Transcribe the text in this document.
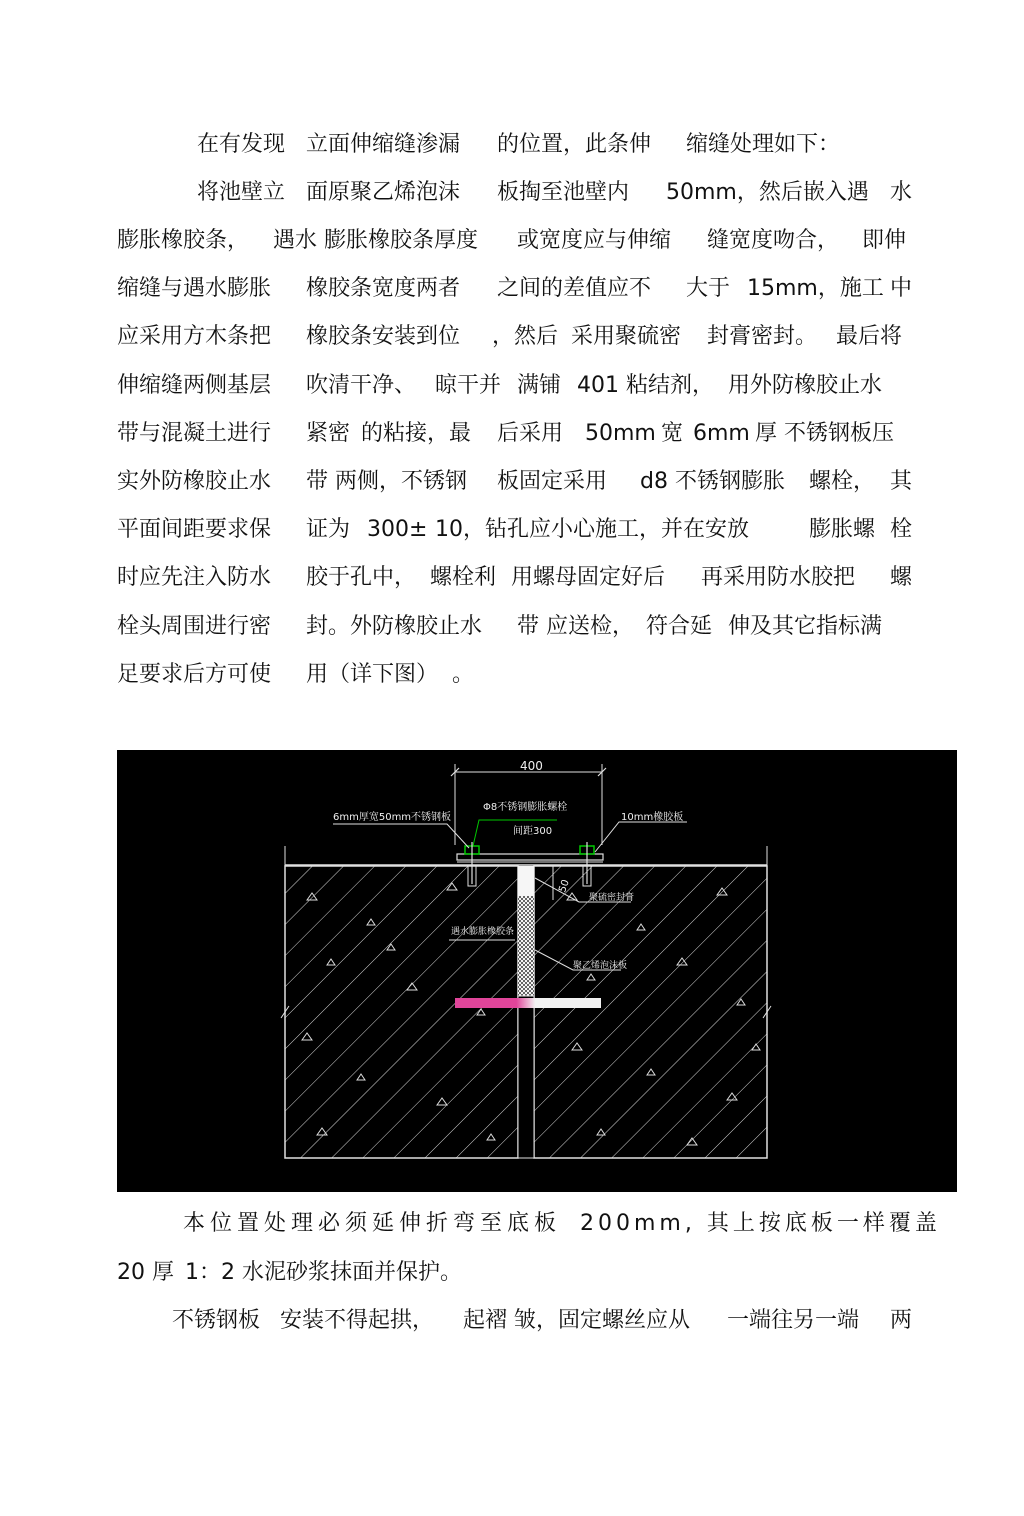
在有发现

立面伸缩缝渗漏

的位置，此条伸

缩缝处理如下：

将池壁立

面原聚乙烯泡沫

板掏至池壁内

50mm，然后嵌入遇

水

膨胀橡胶条，

遇水 膨胀橡胶条厚度

或宽度应与伸缩

缝宽度吻合，

即伸

缩缝与遇水膨胀

橡胶条宽度两者

之间的差值应不

大于

15mm，施工

中

应采用方木条把

橡胶条安装到位

，然后

采用聚硫密

封膏密封。

最后将

伸缩缝两侧基层

吹清干净、

晾干并

满铺

401

粘结剂，

用外防橡胶止水

带与混凝土进行

紧密

的粘接，最

后采用

50mm

宽

6mm

厚 不锈钢板压

实外防橡胶止水

带 两侧，不锈钢

板固定采用

d8 不锈钢膨胀

螺栓，

其

平面间距要求保

证为

300±

10，钻孔应小心施工，并在安放

	膨胀螺

栓

时应先注入防水

胶于孔中，

螺栓利

用螺母固定好后

再采用防水胶把

螺

栓头周围进行密

封。外防橡胶止水

带 应送检，

符合延

伸及其它指标满

足要求后方可使

用（详下图）

。

400
6mm厚宽50mm不锈钢板
Φ8不锈钢膨胀螺栓
间距300
10mm橡胶板
聚硫密封膏
遇水膨胀橡胶条
聚乙烯泡沫板
50

本位置处理必须延伸折弯至底板

200mm, 其上按底板一样覆盖

20 厚

1：2 水泥砂浆抹面并保护。

不锈钢板

安装不得起拱，

起褶 皱，固定螺丝应从

一端往另一端

两
